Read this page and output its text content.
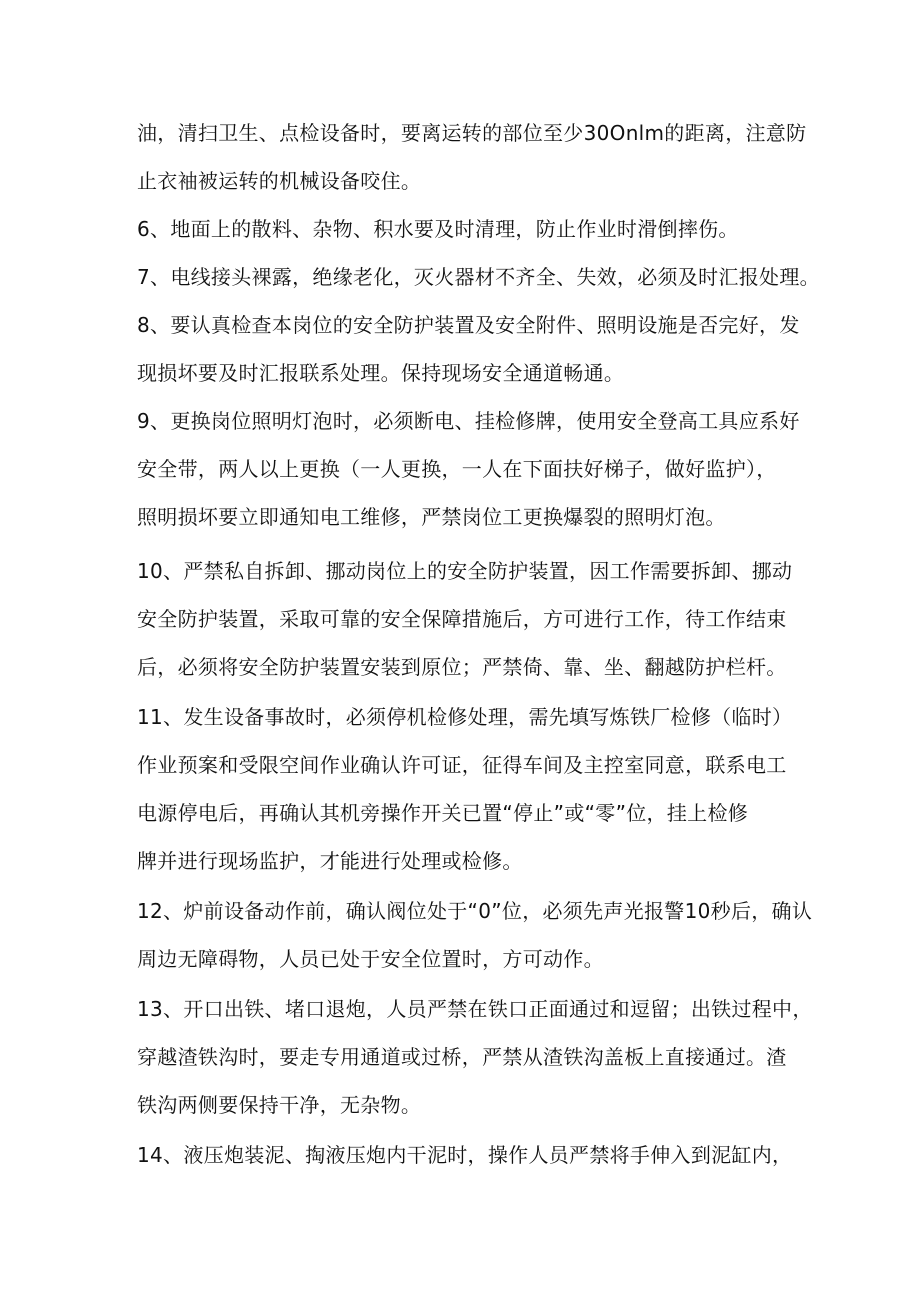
油，清扫卫生、点检设备时，要离运转的部位至少30Onlm的距离，注意防
止衣袖被运转的机械设备咬住。
6、地面上的散料、杂物、积水要及时清理，防止作业时滑倒摔伤。
7、电线接头裸露，绝缘老化，灭火器材不齐全、失效，必须及时汇报处理。
8、要认真检查本岗位的安全防护装置及安全附件、照明设施是否完好，发
现损坏要及时汇报联系处理。保持现场安全通道畅通。
9、更换岗位照明灯泡时，必须断电、挂检修牌，使用安全登高工具应系好
安全带，两人以上更换（一人更换，一人在下面扶好梯子，做好监护），
照明损坏要立即通知电工维修，严禁岗位工更换爆裂的照明灯泡。
10、严禁私自拆卸、挪动岗位上的安全防护装置，因工作需要拆卸、挪动
安全防护装置，采取可靠的安全保障措施后，方可进行工作，待工作结束
后，必须将安全防护装置安装到原位；严禁倚、靠、坐、翻越防护栏杆。
11、发生设备事故时，必须停机检修处理，需先填写炼铁厂检修（临时）
作业预案和受限空间作业确认许可证，征得车间及主控室同意，联系电工
电源停电后，再确认其机旁操作开关已置“停止”或“零”位，挂上检修
牌并进行现场监护，才能进行处理或检修。
12、炉前设备动作前，确认阀位处于“0”位，必须先声光报警10秒后，确认
周边无障碍物，人员已处于安全位置时，方可动作。
13、开口出铁、堵口退炮，人员严禁在铁口正面通过和逗留；出铁过程中，
穿越渣铁沟时，要走专用通道或过桥，严禁从渣铁沟盖板上直接通过。渣
铁沟两侧要保持干净，无杂物。
14、液压炮装泥、掏液压炮内干泥时，操作人员严禁将手伸入到泥缸内，
